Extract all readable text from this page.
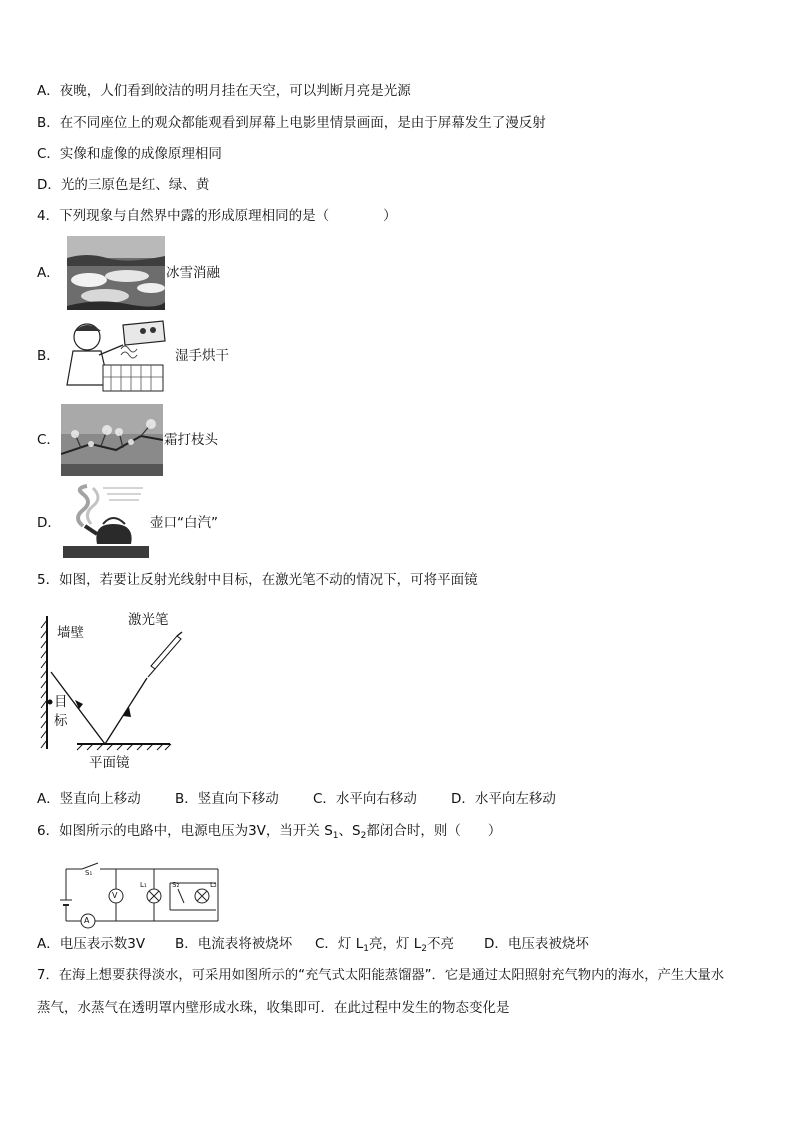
A．夜晚，人们看到皎洁的明月挂在天空，可以判断月亮是光源
B．在不同座位上的观众都能观看到屏幕上电影里情景画面，是由于屏幕发生了漫反射
C．实像和虚像的成像原理相同
D．光的三原色是红、绿、黄
4．下列现象与自然界中露的形成原理相同的是（　　　　）
A．	冰雪消融
B．	湿手烘干
C．	霜打枝头
D．	壶口“白汽”
5．如图，若要让反射光线射中目标，在激光笔不动的情况下，可将平面镜
墙壁
激光笔
目
标
平面镜
A．竖直向上移动	B．竖直向下移动	C．水平向右移动	D．水平向左移动
6．如图所示的电路中，电源电压为3V，当开关 $S_1$、$S_2$都闭合时，则（　　）
S₁
V
L₁	S₂	L₂
A
A．电压表示数3V B．电流表将被烧坏 C．灯 $L_1$亮，灯 $L_2$不亮 D．电压表被烧坏
7．在海上想要获得淡水，可采用如图所示的“充气式太阳能蒸馏器”．它是通过太阳照射充气物内的海水，产生大量水
蒸气，水蒸气在透明罩内壁形成水珠，收集即可．在此过程中发生的物态变化是
